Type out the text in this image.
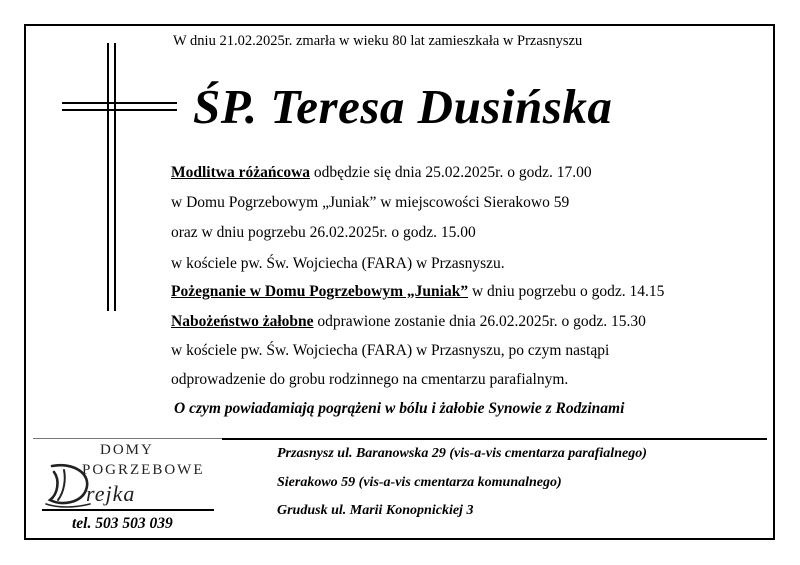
W dniu 21.02.2025r. zmarła w wieku 80 lat zamieszkała w Przasnyszu
ŚP. Teresa Dusińska
Modlitwa różańcowa odbędzie się dnia 25.02.2025r. o godz. 17.00
w Domu Pogrzebowym „Juniak” w miejscowości Sierakowo 59
oraz w dniu pogrzebu 26.02.2025r. o godz. 15.00
w kościele pw. Św. Wojciecha (FARA) w Przasnyszu.
Pożegnanie w Domu Pogrzebowym „Juniak” w dniu pogrzebu o godz. 14.15
Nabożeństwo żałobne odprawione zostanie dnia 26.02.2025r. o godz. 15.30
w kościele pw. Św. Wojciecha (FARA) w Przasnyszu, po czym nastąpi
odprowadzenie do grobu rodzinnego na cmentarzu parafialnym.
O czym powiadamiają pogrążeni w bólu i żałobie Synowie z Rodzinami
DOMY
POGRZEBOWE
rejka
tel. 503 503 039
Przasnysz ul. Baranowska 29 (vis-a-vis cmentarza parafialnego)
Sierakowo 59 (vis-a-vis cmentarza komunalnego)
Grudusk ul. Marii Konopnickiej 3
